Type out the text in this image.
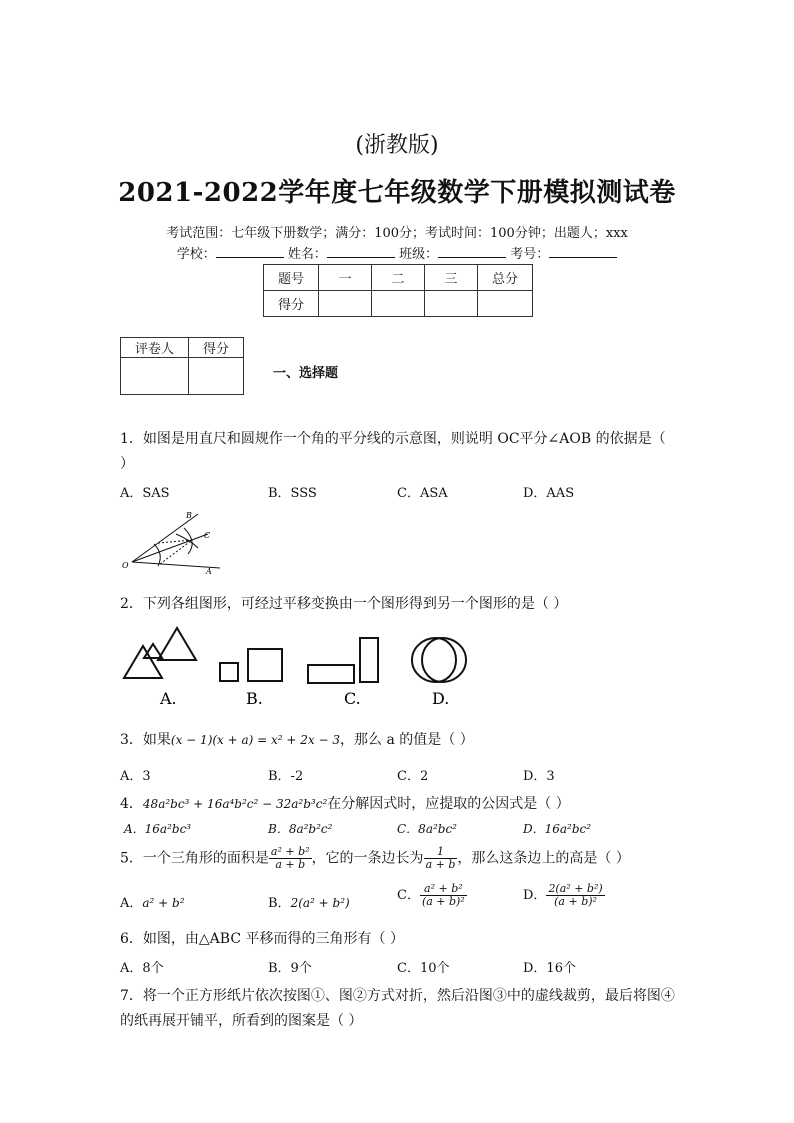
(浙教版)
2021-2022学年度七年级数学下册模拟测试卷
考试范围：七年级下册数学；满分：100分；考试时间：100分钟；出题人；xxx
学校：	姓名：	班级：	考号：
题号	一	二	三	总分
得分				
评卷人	得分

一、选择题
1．如图是用直尺和圆规作一个角的平分线的示意图，则说明 OC平分∠AOB 的依据是（
）
A．SAS	B．SSS	C．ASA	D．AAS
B
C
A
O
2．下列各组图形，可经过平移变换由一个图形得到另一个图形的是（ ）
A.	B.	C.	D.
3．如果(x − 1)(x + a) = x² + 2x − 3，那么 a 的值是（ ）
A．3	B．-2	C．2	D．3
4．48a²bc³ + 16a⁴b²c² − 32a²b³c²在分解因式时，应提取的公因式是（ ）
A．16a²bc³	B．8a²b²c²	C．8a²bc²	D．16a²bc²
5．一个三角形的面积是 $\frac{\text{a² + b²}}{a + b}$ ，它的一条边长为 $\frac{1}{a + b}$ ，那么这条边上的高是（ ）
A．a² + b²	B．2(a² + b²)	C． $\frac{\text{a² + b²}}{\text{(a + b)²}}$	D． $\frac{\text{2(a² + b²)}}{\text{(a + b)²}}$
6．如图，由△ABC 平移而得的三角形有（ ）
A．8个	B．9个	C．10个	D．16个
7．将一个正方形纸片依次按图①、图②方式对折，然后沿图③中的虚线裁剪，最后将图④
的纸再展开铺平，所看到的图案是（ ）
